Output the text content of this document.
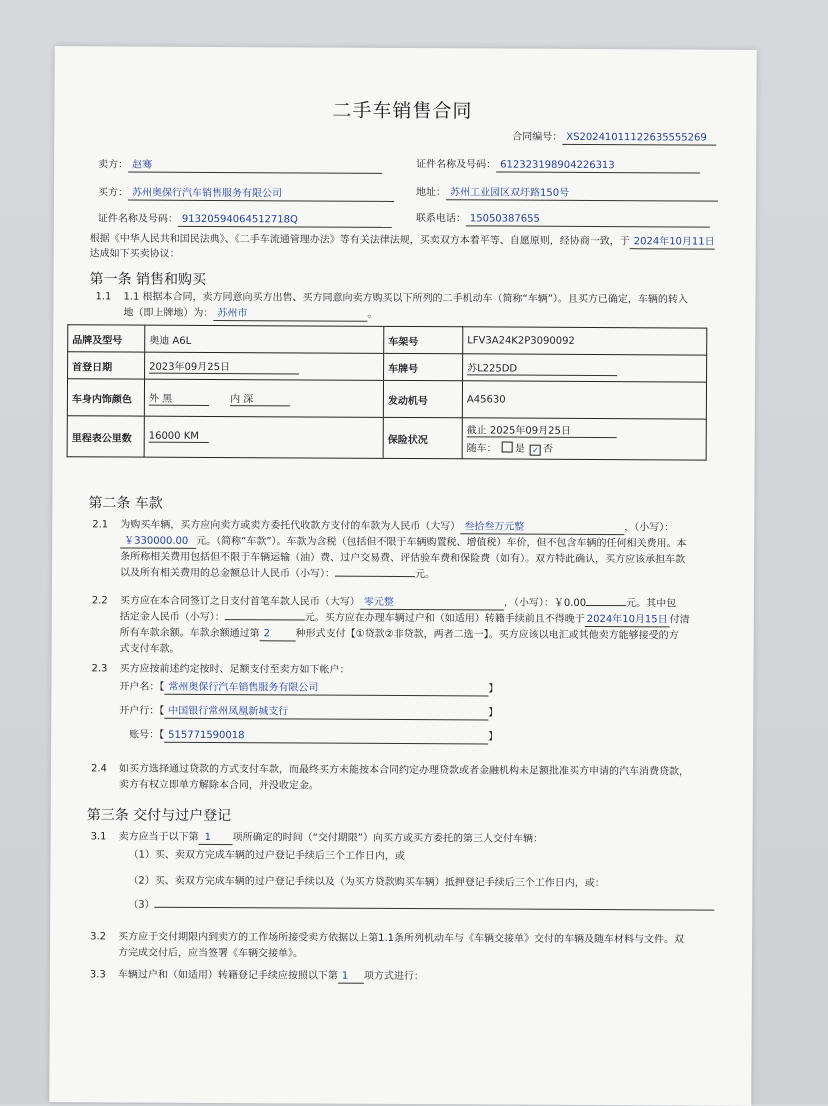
二手车销售合同
合同编号： XS20241011122635555269
卖方： 赵骞	证件名称及号码： 612323198904226313
买方： 苏州奥保行汽车销售服务有限公司	地址： 苏州工业园区双圩路150号
证件名称及号码： 91320594064512718Q	联系电话： 15050387655
根据《中华人民共和国民法典》、《二手车流通管理办法》等有关法律法规，买卖双方本着平等、自愿原则，经协商一致，于 2024年10月11日
达成如下买卖协议：
第一条 销售和购买
1.1 1.1 根据本合同，卖方同意向买方出售、买方同意向卖方购买以下所列的二手机动车（简称“车辆”）。且买方已确定，车辆的转入
地（即上牌地）为： 苏州市	。
品牌及型号	奥迪 A6L	车架号	LFV3A24K2P3090092
首登日期	2023年09月25日	车牌号	苏L225DD
车身内饰颜色	外 黑 内 深	发动机号	A45630
里程表公里数	16000 KM	保险状况	截止 2025年09月25日
随车： 是 ✓ 否
第二条 车款
2.1 为购买车辆，买方应向卖方或卖方委托代收款方支付的车款为人民币（大写） 叁拾叁万元整	，（小写）：
￥330000.00 元。（简称“车款”）。车款为含税（包括但不限于车辆购置税、增值税）车价，但不包含车辆的任何相关费用。本
条所称相关费用包括但不限于车辆运输（油）费、过户交易费、评估验车费和保险费（如有）。双方特此确认，买方应该承担车款
以及所有相关费用的总金额总计人民币（小写）：	元。
2.2 买方应在本合同签订之日支付首笔车款人民币（大写） 零元整	，（小写）：￥0.00	元。其中包
括定金人民币（小写）：	元。买方应在办理车辆过户和（如适用）转籍手续前且不得晚于 2024年10月15日 付清
所有车款余额。车款余额通过第 2	种形式支付【①贷款②非贷款，两者二选一】。买方应该以电汇或其他卖方能够接受的方
式支付车款。
2.3 买方应按前述约定按时、足额支付至卖方如下帐户：
开户名：【 常州奥保行汽车销售服务有限公司	】
开户行：【 中国银行常州凤凰新城支行	】
账号：【 515771590018	】
2.4 如买方选择通过贷款的方式支付车款，而最终买方未能按本合同约定办理贷款或者金融机构未足额批准买方申请的汽车消费贷款，
卖方有权立即单方解除本合同，并没收定金。
第三条 交付与过户登记
3.1 卖方应当于以下第 1 项所确定的时间（“交付期限”）向买方或买方委托的第三人交付车辆：
（1）买、卖双方完成车辆的过户登记手续后三个工作日内，或
（2）买、卖双方完成车辆的过户登记手续以及（为买方贷款购买车辆）抵押登记手续后三个工作日内，或：
（3）
3.2 买方应于交付期限内到卖方的工作场所接受卖方依据以上第1.1条所列机动车与《车辆交接单》交付的车辆及随车材料与文件。双
方完成交付后，应当签署《车辆交接单》。
3.3 车辆过户和（如适用）转籍登记手续应按照以下第 1 项方式进行：
